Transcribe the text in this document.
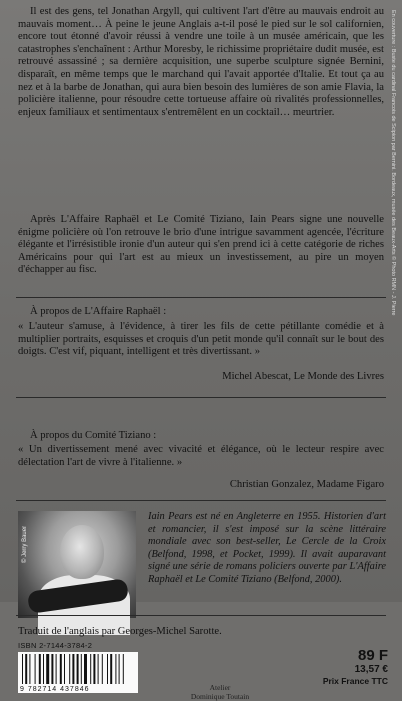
Il est des gens, tel Jonathan Argyll, qui cultivent l'art d'être au mauvais endroit au mauvais moment… À peine le jeune Anglais a-t-il posé le pied sur le sol californien, encore tout étonné d'avoir réussi à vendre une toile à un musée américain, que les catastrophes s'enchaînent : Arthur Moresby, le richissime propriétaire dudit musée, est retrouvé assassiné ; sa dernière acquisition, une superbe sculpture signée Bernini, disparaît, en même temps que le marchand qui l'avait apportée d'Italie. Et tout ça au nez et à la barbe de Jonathan, qui aura bien besoin des lumières de son amie Flavia, la policière italienne, pour résoudre cette tortueuse affaire où rivalités professionnelles, enjeux familiaux et sentimentaux s'entremêlent en un cocktail… meurtrier.

Après L'Affaire Raphaël et Le Comité Tiziano, Iain Pears signe une nouvelle énigme policière où l'on retrouve le brio d'une intrigue savamment agencée, l'écriture élégante et l'irrésistible ironie d'un auteur qui s'en prend ici à cette catégorie de riches Américains pour qui l'art est au mieux un investissement, au pire un moyen d'échapper au fisc.

À propos de L'Affaire Raphaël :

« L'auteur s'amuse, à l'évidence, à tirer les fils de cette pétillante comédie et à multiplier portraits, esquisses et croquis d'un petit monde qu'il connaît sur le bout des doigts. C'est vif, piquant, intelligent et très divertissant. »

Michel Abescat, Le Monde des Livres

À propos du Comité Tiziano :

« Un divertissement mené avec vivacité et élégance, où le lecteur respire avec délectation l'art de vivre à l'italienne. »

Christian Gonzalez, Madame Figaro

© Jerry Bauer

Iain Pears est né en Angleterre en 1955. Historien d'art et romancier, il s'est imposé sur la scène littéraire mondiale avec son best-seller, Le Cercle de la Croix (Belfond, 1998, et Pocket, 1999). Il avait auparavant signé une série de romans policiers ouverte par L'Affaire Raphaël et Le Comité Tiziano (Belfond, 2000).

Traduit de l'anglais par Georges-Michel Sarotte.

ISBN 2-7144-3784-2
9 782714 437846	Atelier
Dominique Toutain
89 F
13,57 €
Prix France TTC
En couverture : Buste du cardinal Francois de Scipion par Bernini. Bordeaux, musée des Beaux-Arts © Photo RMN - J. Pierre
